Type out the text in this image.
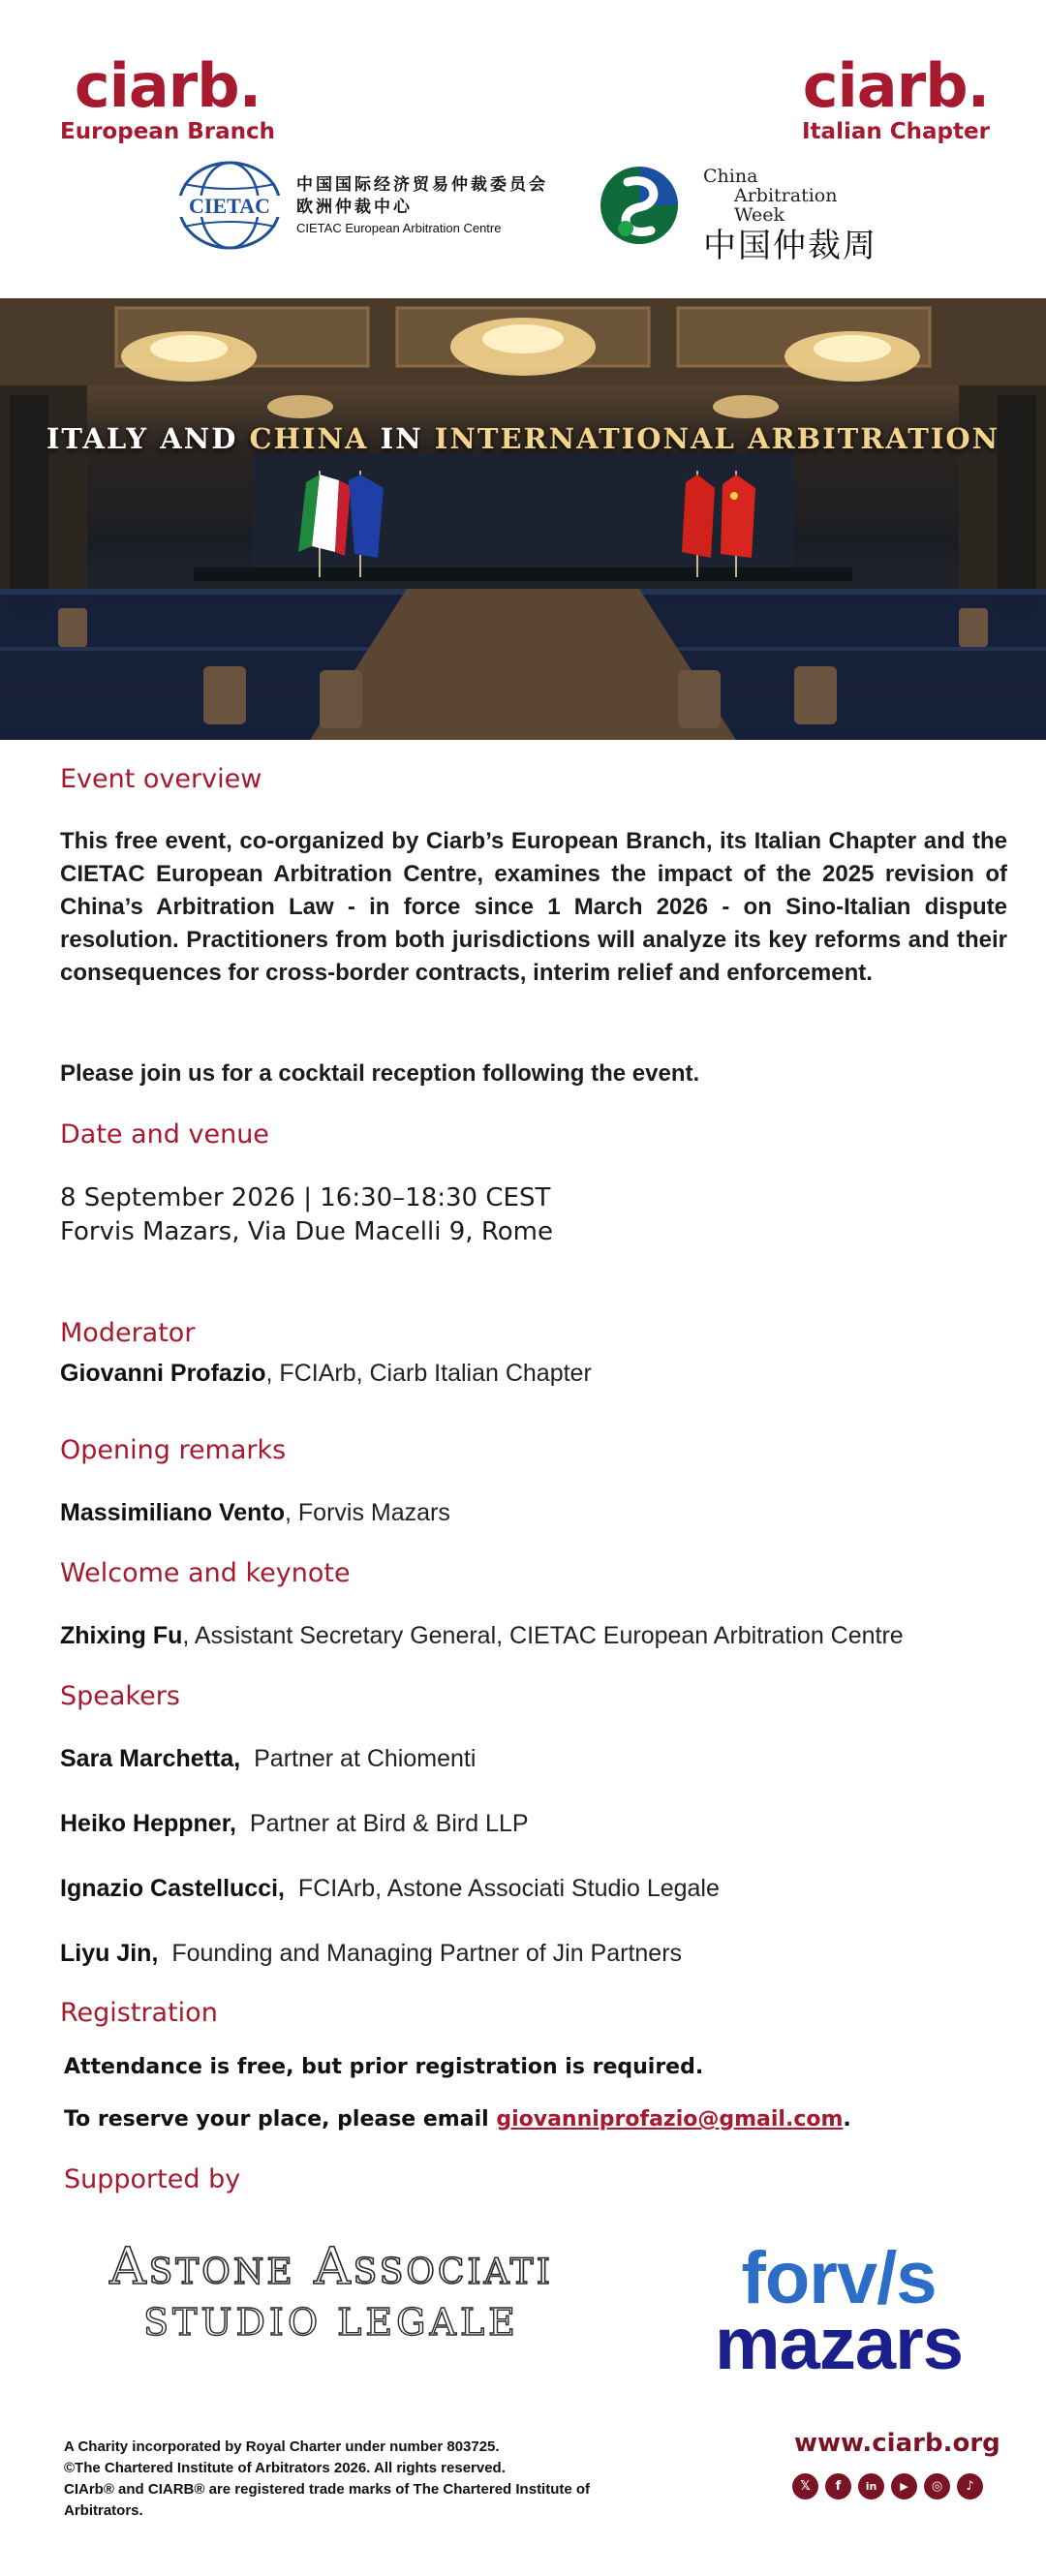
ciarb.
European Branch
ciarb.
Italian Chapter
CIETAC
中国国际经济贸易仲裁委员会
欧洲仲裁中心
CIETAC European Arbitration Centre
China
Arbitration Week
中国仲裁周
ITALY AND CHINA IN INTERNATIONAL ARBITRATION
Event overview

This free event, co-organized by Ciarb’s European Branch, its Italian Chapter and the CIETAC European Arbitration Centre, examines the impact of the 2025 revision of China’s Arbitration Law - in force since 1 March 2026 - on Sino-Italian dispute resolution. Practitioners from both jurisdictions will analyze its key reforms and their consequences for cross-border contracts, interim relief and enforcement.

Please join us for a cocktail reception following the event.

Date and venue
8 September 2026 | 16:30–18:30 CEST
Forvis Mazars, Via Due Macelli 9, Rome
Moderator
Giovanni Profazio, FCIArb, Ciarb Italian Chapter
Opening remarks
Massimiliano Vento, Forvis Mazars
Welcome and keynote
Zhixing Fu, Assistant Secretary General, CIETAC European Arbitration Centre
Speakers
Sara Marchetta, Partner at Chiomenti
Heiko Heppner, Partner at Bird & Bird LLP
Ignazio Castellucci, FCIArb, Astone Associati Studio Legale
Liyu Jin, Founding and Managing Partner of Jin Partners
Registration
Attendance is free, but prior registration is required.
To reserve your place, please email giovanniprofazio@gmail.com.
Supported by
Astone Associati
STUDIO LEGALE
forv/s
mazars
A Charity incorporated by Royal Charter under number 803725.
©The Chartered Institute of Arbitrators 2026. All rights reserved.
CIArb® and CIARB® are registered trade marks of The Chartered Institute of Arbitrators.
www.ciarb.org
𝕏	f	in	▶	◎	♪
